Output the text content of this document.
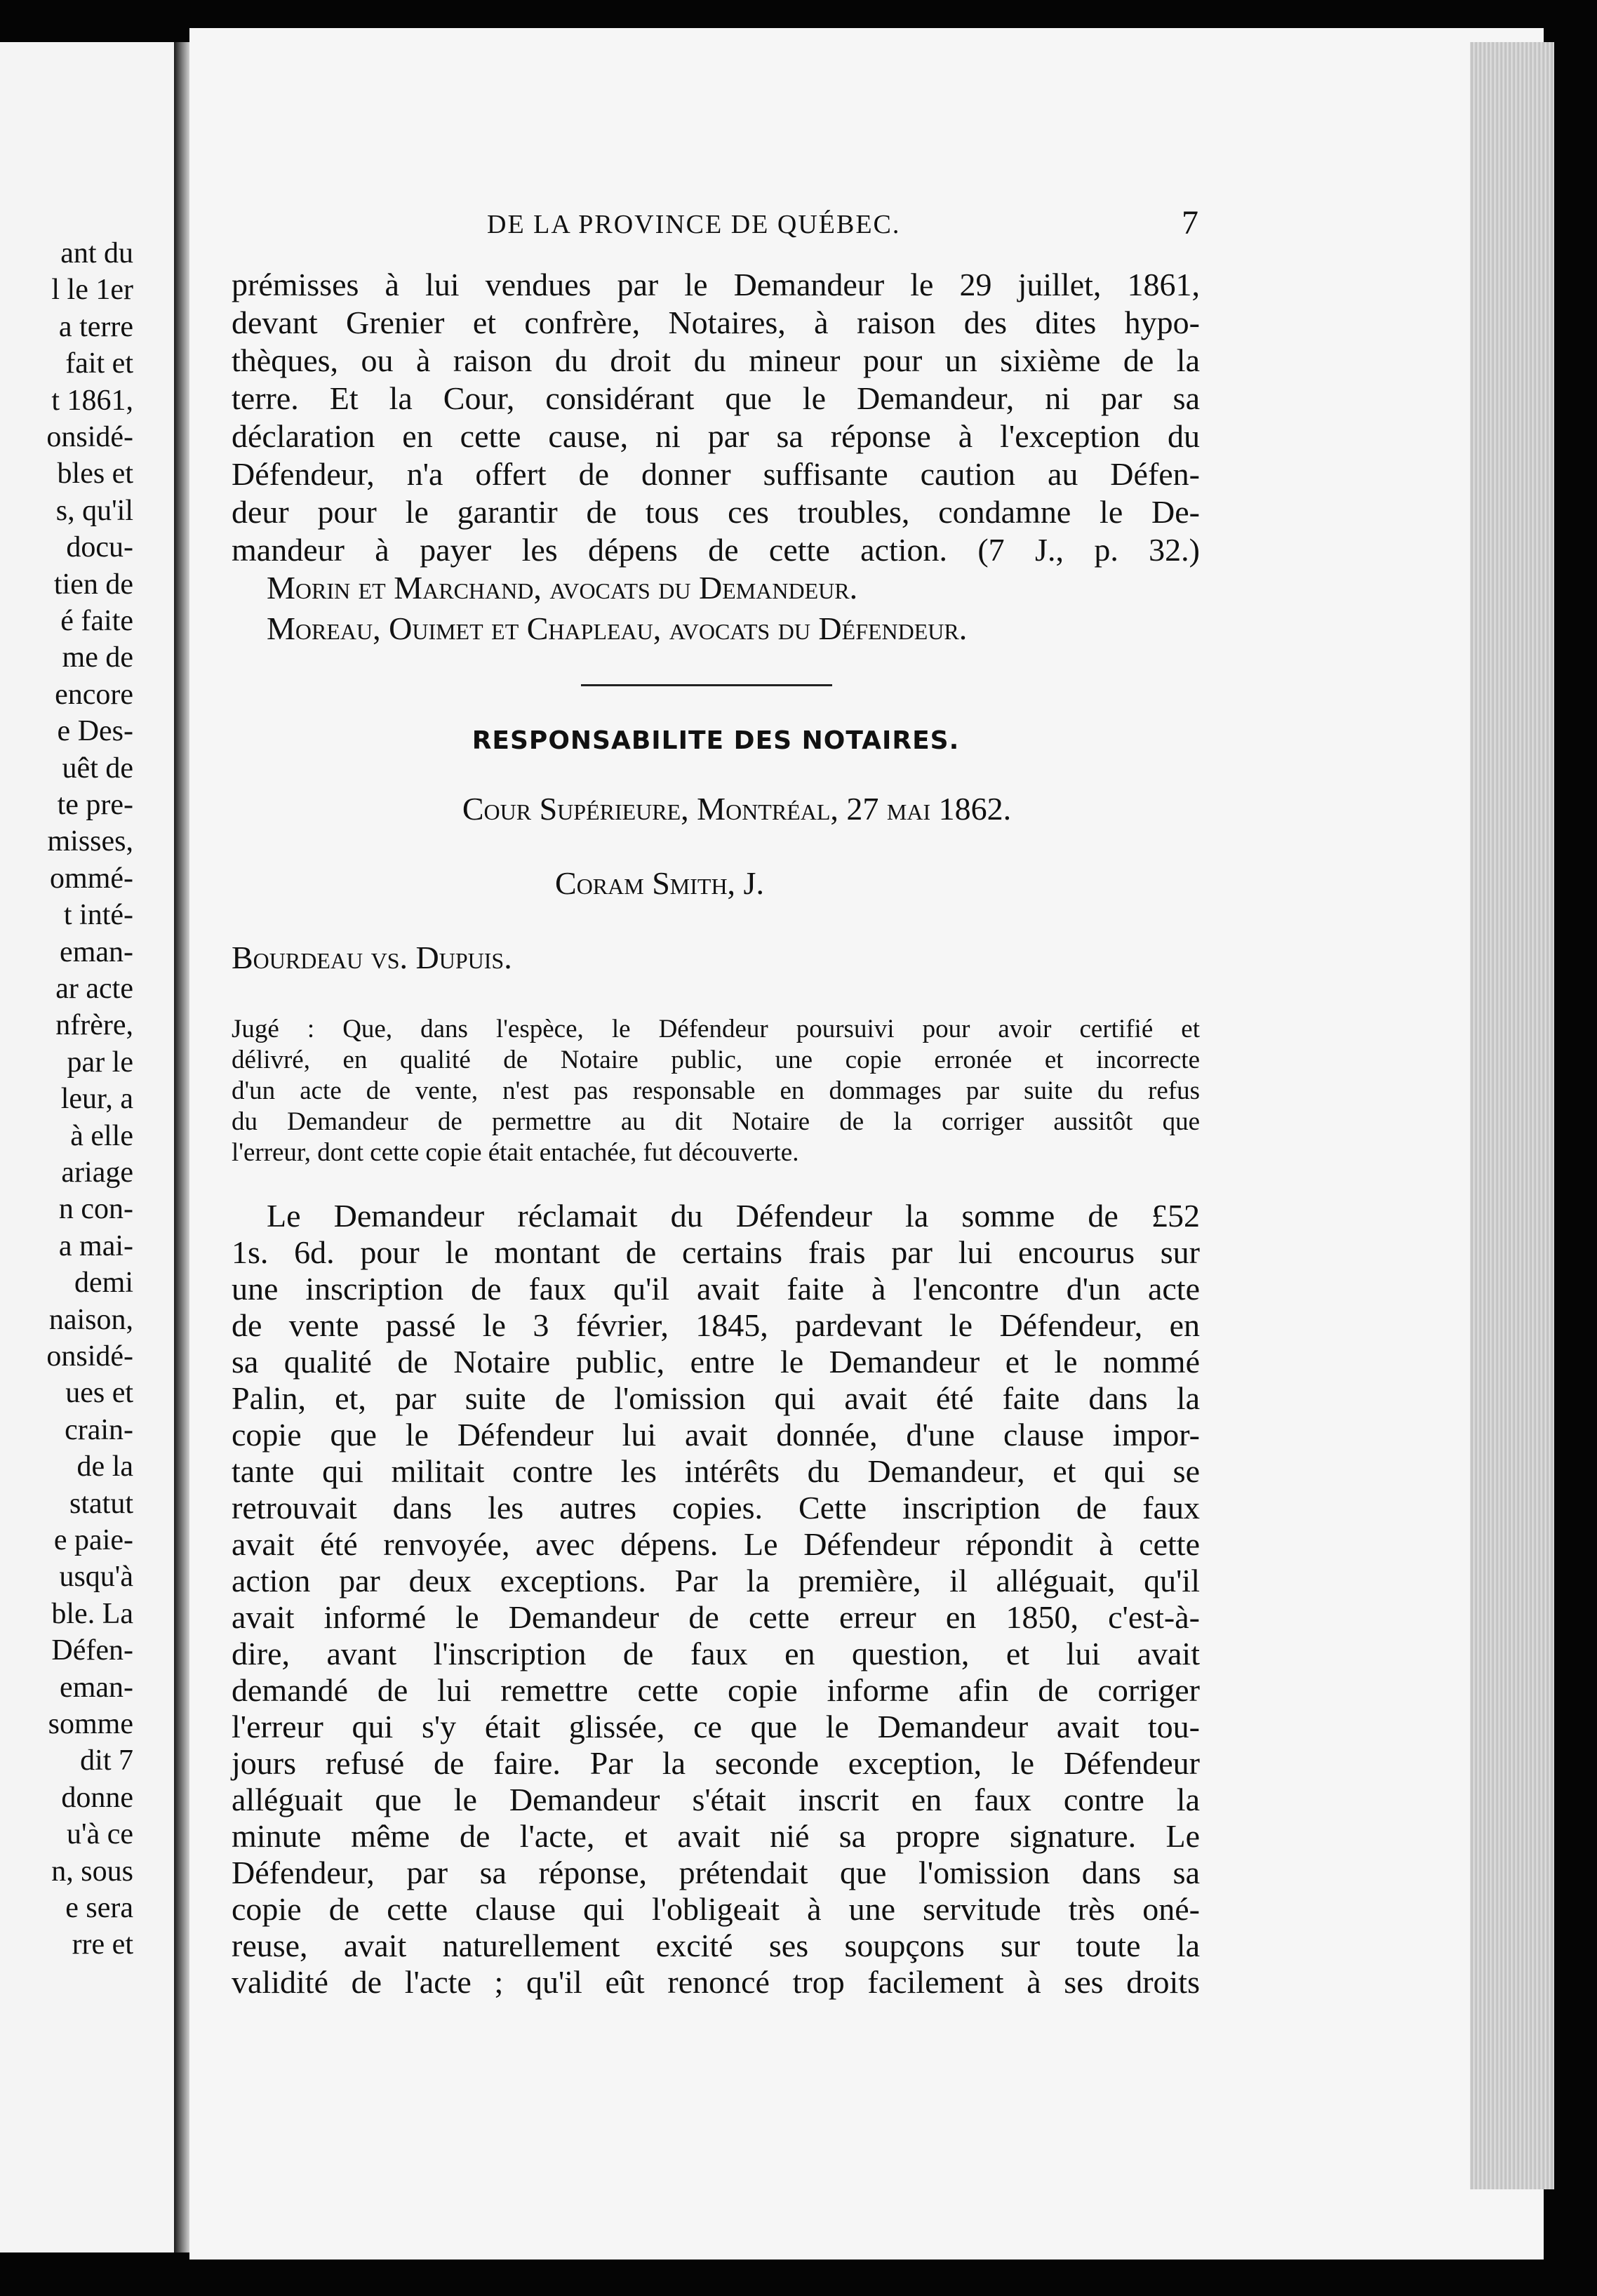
ant du
l le 1er
a terre
fait et
t 1861,
onsidé-
bles et
s, qu'il
docu-
tien de
é faite
me de
encore
e Des-
uêt de
te pre-
misses,
ommé-
t inté-
eman-
ar acte
nfrère,
par le
leur, a
à elle
ariage
n con-
a mai-
demi
naison,
onsidé-
ues et
crain-
de la
statut
e paie-
usqu'à
ble. La
Défen-
eman-
somme
dit 7
donne
u'à ce
n, sous
e sera
rre et
DE LA PROVINCE DE QUÉBEC.	7
prémisses à lui vendues par le Demandeur le 29 juillet, 1861,
devant Grenier et confrère, Notaires, à raison des dites hypo-
thèques, ou à raison du droit du mineur pour un sixième de la
terre. Et la Cour, considérant que le Demandeur, ni par sa
déclaration en cette cause, ni par sa réponse à l'exception du
Défendeur, n'a offert de donner suffisante caution au Défen-
deur pour le garantir de tous ces troubles, condamne le De-
mandeur à payer les dépens de cette action. (7 J., p. 32.)
Morin et Marchand, avocats du Demandeur.
Moreau, Ouimet et Chapleau, avocats du Défendeur.
RESPONSABILITE DES NOTAIRES.
Cour Supérieure, Montréal, 27 mai 1862.
Coram Smith, J.
Bourdeau vs. Dupuis.
Jugé : Que, dans l'espèce, le Défendeur poursuivi pour avoir certifié et
délivré, en qualité de Notaire public, une copie erronée et incorrecte
d'un acte de vente, n'est pas responsable en dommages par suite du refus
du Demandeur de permettre au dit Notaire de la corriger aussitôt que
l'erreur, dont cette copie était entachée, fut découverte.
Le Demandeur réclamait du Défendeur la somme de £52
1s. 6d. pour le montant de certains frais par lui encourus sur
une inscription de faux qu'il avait faite à l'encontre d'un acte
de vente passé le 3 février, 1845, pardevant le Défendeur, en
sa qualité de Notaire public, entre le Demandeur et le nommé
Palin, et, par suite de l'omission qui avait été faite dans la
copie que le Défendeur lui avait donnée, d'une clause impor-
tante qui militait contre les intérêts du Demandeur, et qui se
retrouvait dans les autres copies. Cette inscription de faux
avait été renvoyée, avec dépens. Le Défendeur répondit à cette
action par deux exceptions. Par la première, il alléguait, qu'il
avait informé le Demandeur de cette erreur en 1850, c'est-à-
dire, avant l'inscription de faux en question, et lui avait
demandé de lui remettre cette copie informe afin de corriger
l'erreur qui s'y était glissée, ce que le Demandeur avait tou-
jours refusé de faire. Par la seconde exception, le Défendeur
alléguait que le Demandeur s'était inscrit en faux contre la
minute même de l'acte, et avait nié sa propre signature. Le
Défendeur, par sa réponse, prétendait que l'omission dans sa
copie de cette clause qui l'obligeait à une servitude très oné-
reuse, avait naturellement excité ses soupçons sur toute la
validité de l'acte ; qu'il eût renoncé trop facilement à ses droits
